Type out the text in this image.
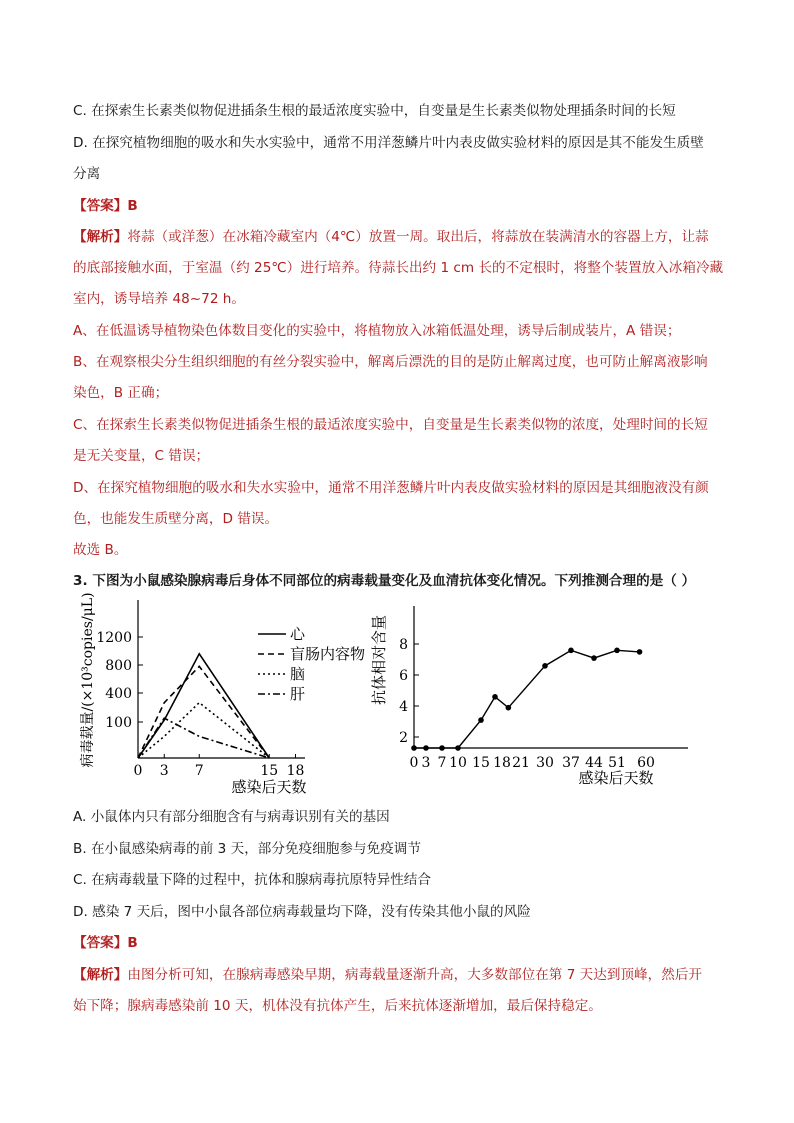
C. 在探索生长素类似物促进插条生根的最适浓度实验中，自变量是生长素类似物处理插条时间的长短
D. 在探究植物细胞的吸水和失水实验中，通常不用洋葱鳞片叶内表皮做实验材料的原因是其不能发生质壁
分离
【答案】B
【解析】将蒜（或洋葱）在冰箱冷藏室内（4℃）放置一周。取出后，将蒜放在装满清水的容器上方，让蒜
的底部接触水面，于室温（约 25℃）进行培养。待蒜长出约 1 cm 长的不定根时，将整个装置放入冰箱冷藏
室内，诱导培养 48~72 h。
A、在低温诱导植物染色体数目变化的实验中，将植物放入冰箱低温处理，诱导后制成装片，A 错误；
B、在观察根尖分生组织细胞的有丝分裂实验中，解离后漂洗的目的是防止解离过度，也可防止解离液影响
染色，B 正确；
C、在探索生长素类似物促进插条生根的最适浓度实验中，自变量是生长素类似物的浓度，处理时间的长短
是无关变量，C 错误；
D、在探究植物细胞的吸水和失水实验中，通常不用洋葱鳞片叶内表皮做实验材料的原因是其细胞液没有颜
色，也能发生质壁分离，D 错误。
故选 B。
3. 下图为小鼠感染腺病毒后身体不同部位的病毒载量变化及血清抗体变化情况。下列推测合理的是（ ）
病毒载量/(×10³copies/μL)
感染后天数
100
400
800
1200
0 3 7	15 18
心
盲肠内容物
脑
肝	抗体相对含量
感染后天数
2
4
6
8
0 3 7 10 15 18 21 30 37 44 51 60
A. 小鼠体内只有部分细胞含有与病毒识别有关的基因
B. 在小鼠感染病毒的前 3 天，部分免疫细胞参与免疫调节
C. 在病毒载量下降的过程中，抗体和腺病毒抗原特异性结合
D. 感染 7 天后，图中小鼠各部位病毒载量均下降，没有传染其他小鼠的风险
【答案】B
【解析】由图分析可知，在腺病毒感染早期，病毒载量逐渐升高，大多数部位在第 7 天达到顶峰，然后开
始下降；腺病毒感染前 10 天，机体没有抗体产生，后来抗体逐渐增加，最后保持稳定。
